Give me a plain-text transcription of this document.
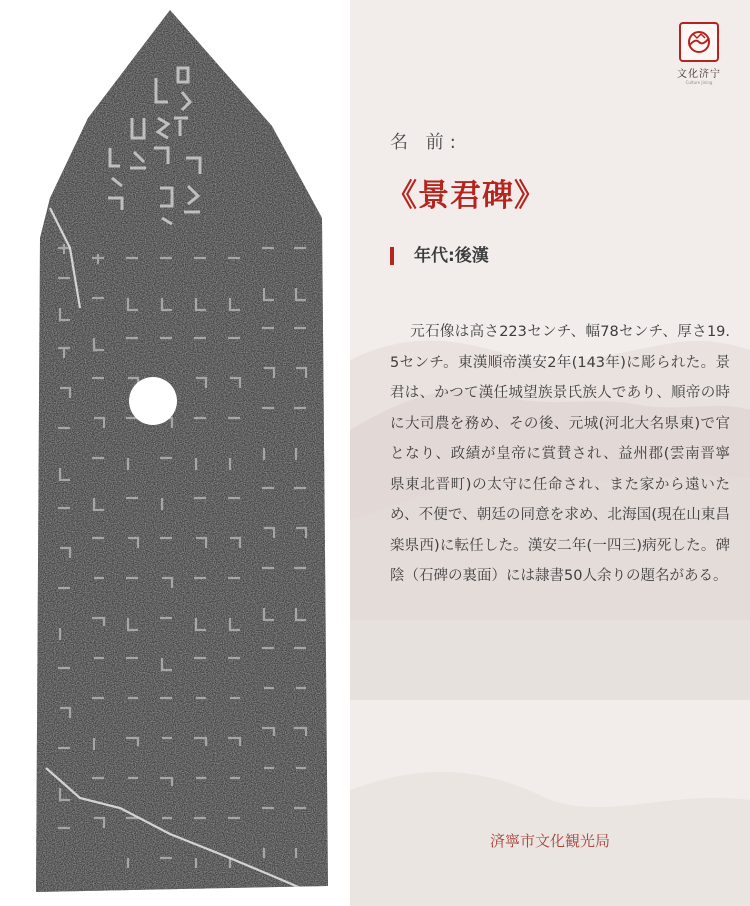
文化济宁
Culture Jining
名 前:
《景君碑》
年代:後漢
元石像は高さ223センチ、幅78センチ、厚さ19.5センチ。東漢順帝漢安2年(143年)に彫られた。景君は、かつて漢任城望族景氏族人であり、順帝の時に大司農を務め、その後、元城(河北大名県東)で官となり、政績が皇帝に賞賛され、益州郡(雲南晋寧県東北晋町)の太守に任命され、また家から遠いため、不便で、朝廷の同意を求め、北海国(現在山東昌楽県西)に転任した。漢安二年(一四三)病死した。碑陰（石碑の裏面）には隷書50人余りの題名がある。
済寧市文化観光局
